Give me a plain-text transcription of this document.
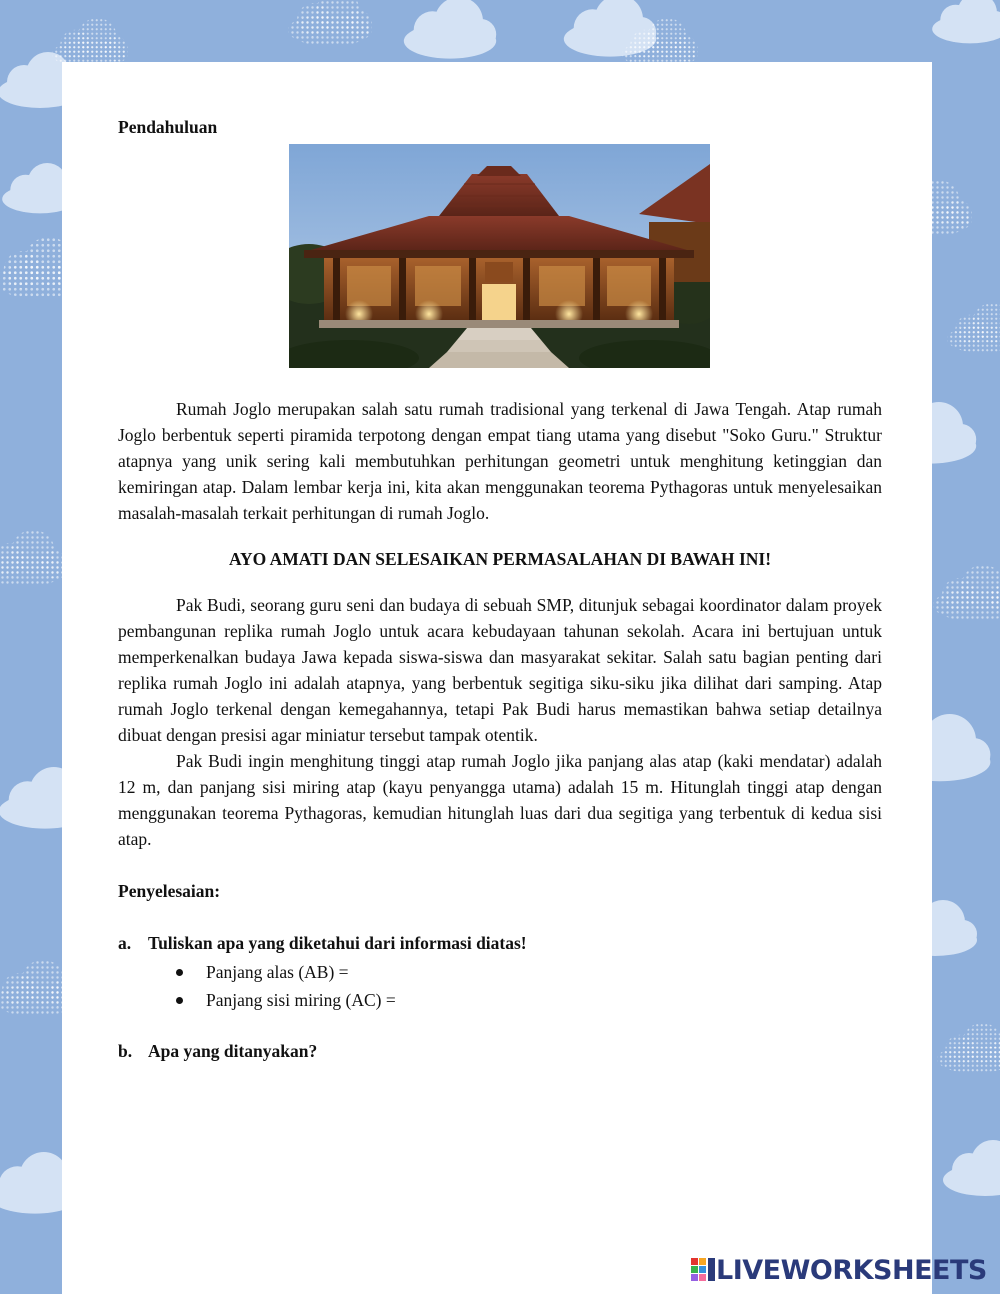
Pendahuluan

Rumah Joglo merupakan salah satu rumah tradisional yang terkenal di Jawa Tengah. Atap rumah Joglo berbentuk seperti piramida terpotong dengan empat tiang utama yang disebut "Soko Guru." Struktur atapnya yang unik sering kali membutuhkan perhitungan geometri untuk menghitung ketinggian dan kemiringan atap. Dalam lembar kerja ini, kita akan menggunakan teorema Pythagoras untuk menyelesaikan masalah-masalah terkait perhitungan di rumah Joglo.

AYO AMATI DAN SELESAIKAN PERMASALAHAN DI BAWAH INI!

Pak Budi, seorang guru seni dan budaya di sebuah SMP, ditunjuk sebagai koordinator dalam proyek pembangunan replika rumah Joglo untuk acara kebudayaan tahunan sekolah. Acara ini bertujuan untuk memperkenalkan budaya Jawa kepada siswa-siswa dan masyarakat sekitar. Salah satu bagian penting dari replika rumah Joglo ini adalah atapnya, yang berbentuk segitiga siku-siku jika dilihat dari samping. Atap rumah Joglo terkenal dengan kemegahannya, tetapi Pak Budi harus memastikan bahwa setiap detailnya dibuat dengan presisi agar miniatur tersebut tampak otentik.

Pak Budi ingin menghitung tinggi atap rumah Joglo jika panjang alas atap (kaki mendatar) adalah 12 m, dan panjang sisi miring atap (kayu penyangga utama) adalah 15 m. Hitunglah tinggi atap dengan menggunakan teorema Pythagoras, kemudian hitunglah luas dari dua segitiga yang terbentuk di kedua sisi atap.

Penyelesaian:

a. Tuliskan apa yang diketahui dari informasi diatas!

Panjang alas (AB) =
Panjang sisi miring (AC) =

b. Apa yang ditanyakan?

LIVEWORKSHEETS
